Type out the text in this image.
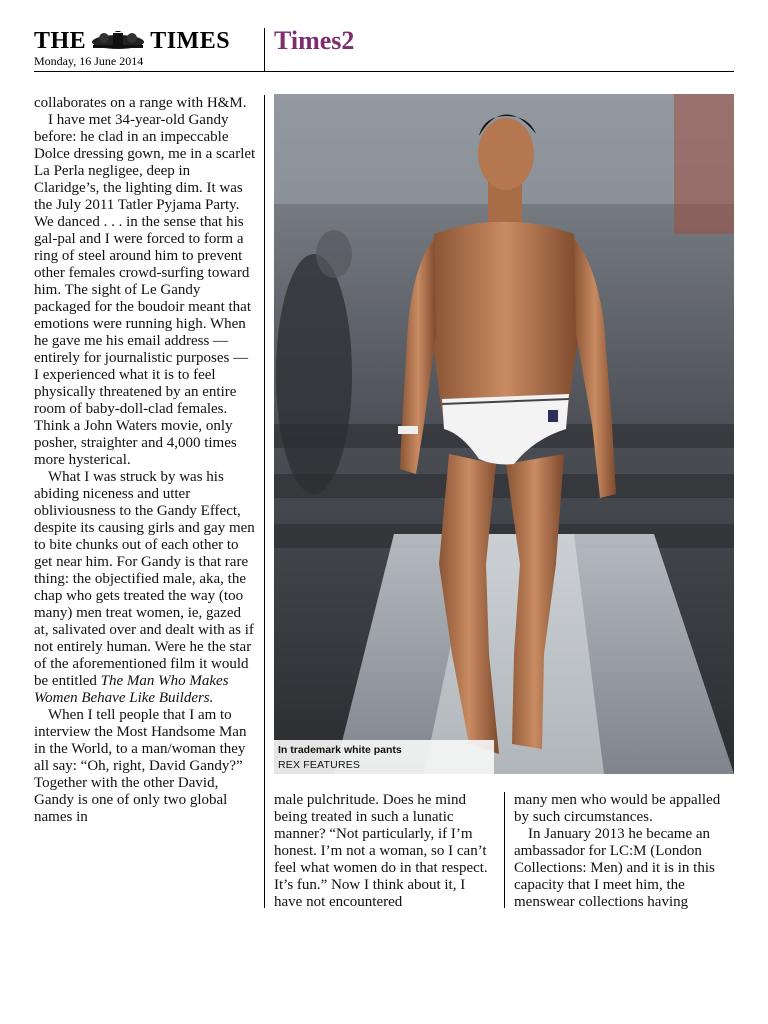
THE	TIMES
Monday, 16 June 2014
Times2
In trademark white pants
REX FEATURES

collaborates on a range with H&M.

I have met 34-year-old Gandy before: he clad in an impeccable Dolce dressing gown, me in a scarlet La Perla negligee, deep in Claridge’s, the lighting dim. It was the July 2011 Tatler Pyjama Party. We danced . . . in the sense that his gal-pal and I were forced to form a ring of steel around him to prevent other females crowd-surfing toward him. The sight of Le Gandy packaged for the boudoir meant that emotions were running high. When he gave me his email address — entirely for journalistic purposes — I experienced what it is to feel physically threatened by an entire room of baby-doll-clad females. Think a John Waters movie, only posher, straighter and 4,000 times more hysterical.

What I was struck by was his abiding niceness and utter obliviousness to the Gandy Effect, despite its causing girls and gay men to bite chunks out of each other to get near him. For Gandy is that rare thing: the objectified male, aka, the chap who gets treated the way (too many) men treat women, ie, gazed at, salivated over and dealt with as if not entirely human. Were he the star of the aforementioned film it would be entitled The Man Who Makes Women Behave Like Builders.

When I tell people that I am to interview the Most Handsome Man in the World, to a man/woman they all say: “Oh, right, David Gandy?” Together with the other David, Gandy is one of only two global names in

male pulchritude. Does he mind being treated in such a lunatic manner? “Not particularly, if I’m honest. I’m not a woman, so I can’t feel what women do in that respect. It’s fun.” Now I think about it, I have not encountered

many men who would be appalled by such circumstances.

In January 2013 he became an ambassador for LC:M (London Collections: Men) and it is in this capacity that I meet him, the menswear collections having
